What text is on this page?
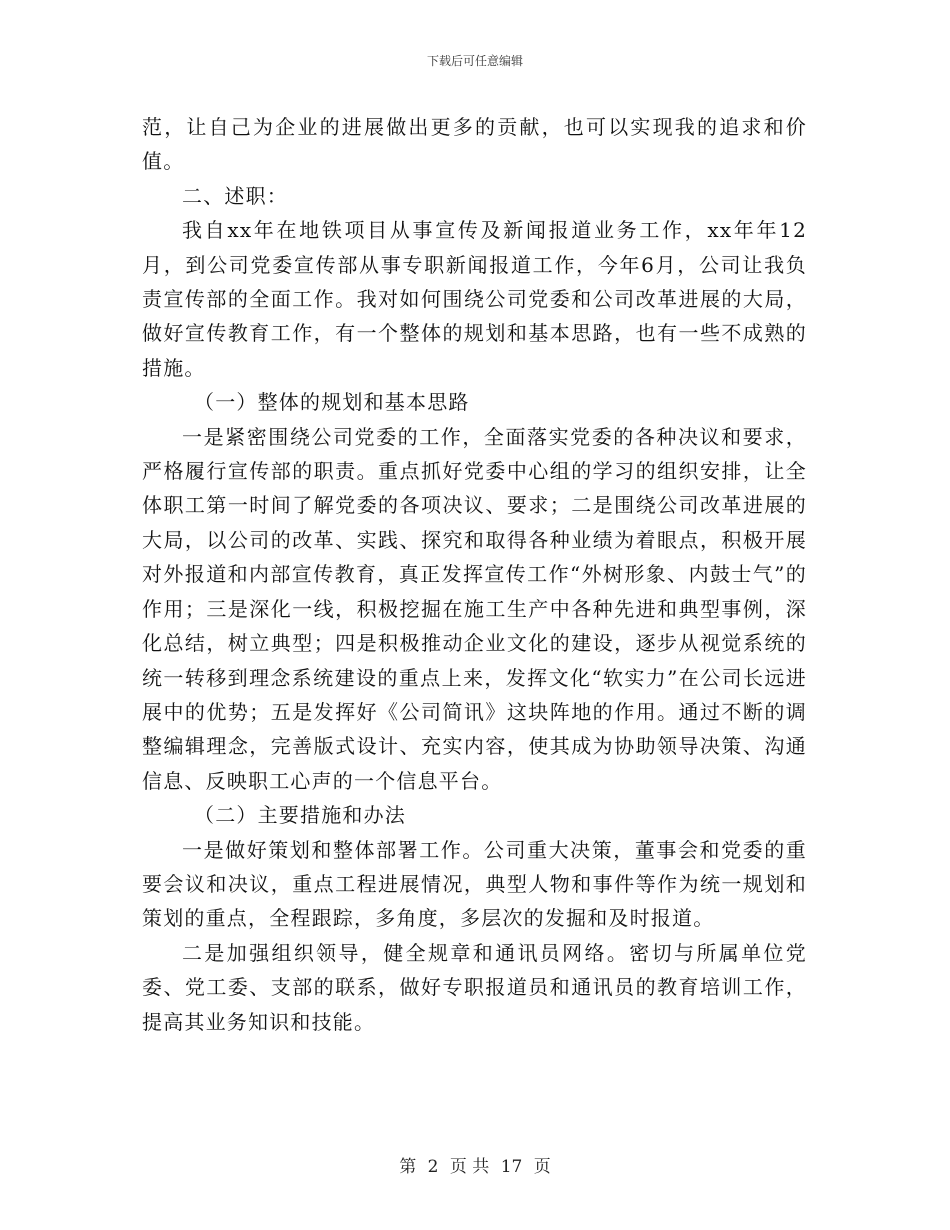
下载后可任意编辑

范，让自己为企业的进展做出更多的贡献，也可以实现我的追求和价值。

二、述职：

我自xx年在地铁项目从事宣传及新闻报道业务工作，xx年年12月，到公司党委宣传部从事专职新闻报道工作，今年6月，公司让我负责宣传部的全面工作。我对如何围绕公司党委和公司改革进展的大局，做好宣传教育工作，有一个整体的规划和基本思路，也有一些不成熟的措施。

（一）整体的规划和基本思路

一是紧密围绕公司党委的工作，全面落实党委的各种决议和要求，严格履行宣传部的职责。重点抓好党委中心组的学习的组织安排，让全体职工第一时间了解党委的各项决议、要求；二是围绕公司改革进展的大局，以公司的改革、实践、探究和取得各种业绩为着眼点，积极开展对外报道和内部宣传教育，真正发挥宣传工作“外树形象、内鼓士气”的作用；三是深化一线，积极挖掘在施工生产中各种先进和典型事例，深化总结，树立典型；四是积极推动企业文化的建设，逐步从视觉系统的统一转移到理念系统建设的重点上来，发挥文化“软实力”在公司长远进展中的优势；五是发挥好《公司简讯》这块阵地的作用。通过不断的调整编辑理念，完善版式设计、充实内容，使其成为协助领导决策、沟通信息、反映职工心声的一个信息平台。

（二）主要措施和办法

一是做好策划和整体部署工作。公司重大决策，董事会和党委的重要会议和决议，重点工程进展情况，典型人物和事件等作为统一规划和策划的重点，全程跟踪，多角度，多层次的发掘和及时报道。

二是加强组织领导，健全规章和通讯员网络。密切与所属单位党委、党工委、支部的联系，做好专职报道员和通讯员的教育培训工作，提高其业务知识和技能。

第 2 页 共 17 页
